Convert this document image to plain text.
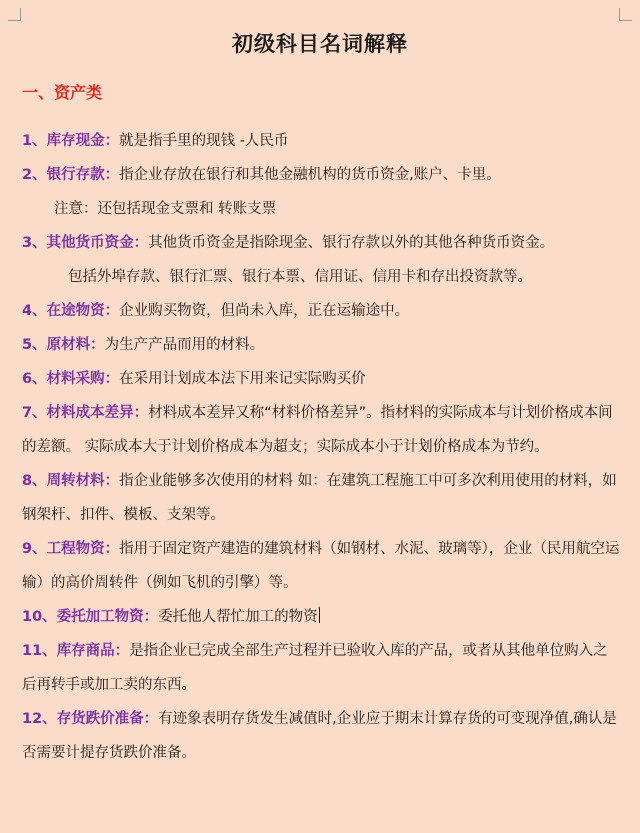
初级科目名词解释
一、资产类

1、库存现金：就是指手里的现钱 -人民币

2、银行存款：指企业存放在银行和其他金融机构的货币资金,账户、卡里。

注意：还包括现金支票和 转账支票

3、其他货币资金：其他货币资金是指除现金、银行存款以外的其他各种货币资金。

包括外埠存款、银行汇票、银行本票、信用证、信用卡和存出投资款等。

4、在途物资：企业购买物资，但尚未入库，正在运输途中。

5、原材料：为生产产品而用的材料。

6、材料采购：在采用计划成本法下用来记实际购买价

7、材料成本差异：材料成本差异又称“材料价格差异”。指材料的实际成本与计划价格成本间的差额。 实际成本大于计划价格成本为超支；实际成本小于计划价格成本为节约。

8、周转材料：指企业能够多次使用的材料 如：在建筑工程施工中可多次利用使用的材料，如钢架杆、扣件、模板、支架等。

9、工程物资：指用于固定资产建造的建筑材料（如钢材、水泥、玻璃等），企业（民用航空运输）的高价周转件（例如飞机的引擎）等。

10、委托加工物资：委托他人帮忙加工的物资

11、库存商品：是指企业已完成全部生产过程并已验收入库的产品，或者从其他单位购入之后再转手或加工卖的东西。

12、存货跌价准备：有迹象表明存货发生减值时,企业应于期末计算存货的可变现净值,确认是否需要计提存货跌价准备。
